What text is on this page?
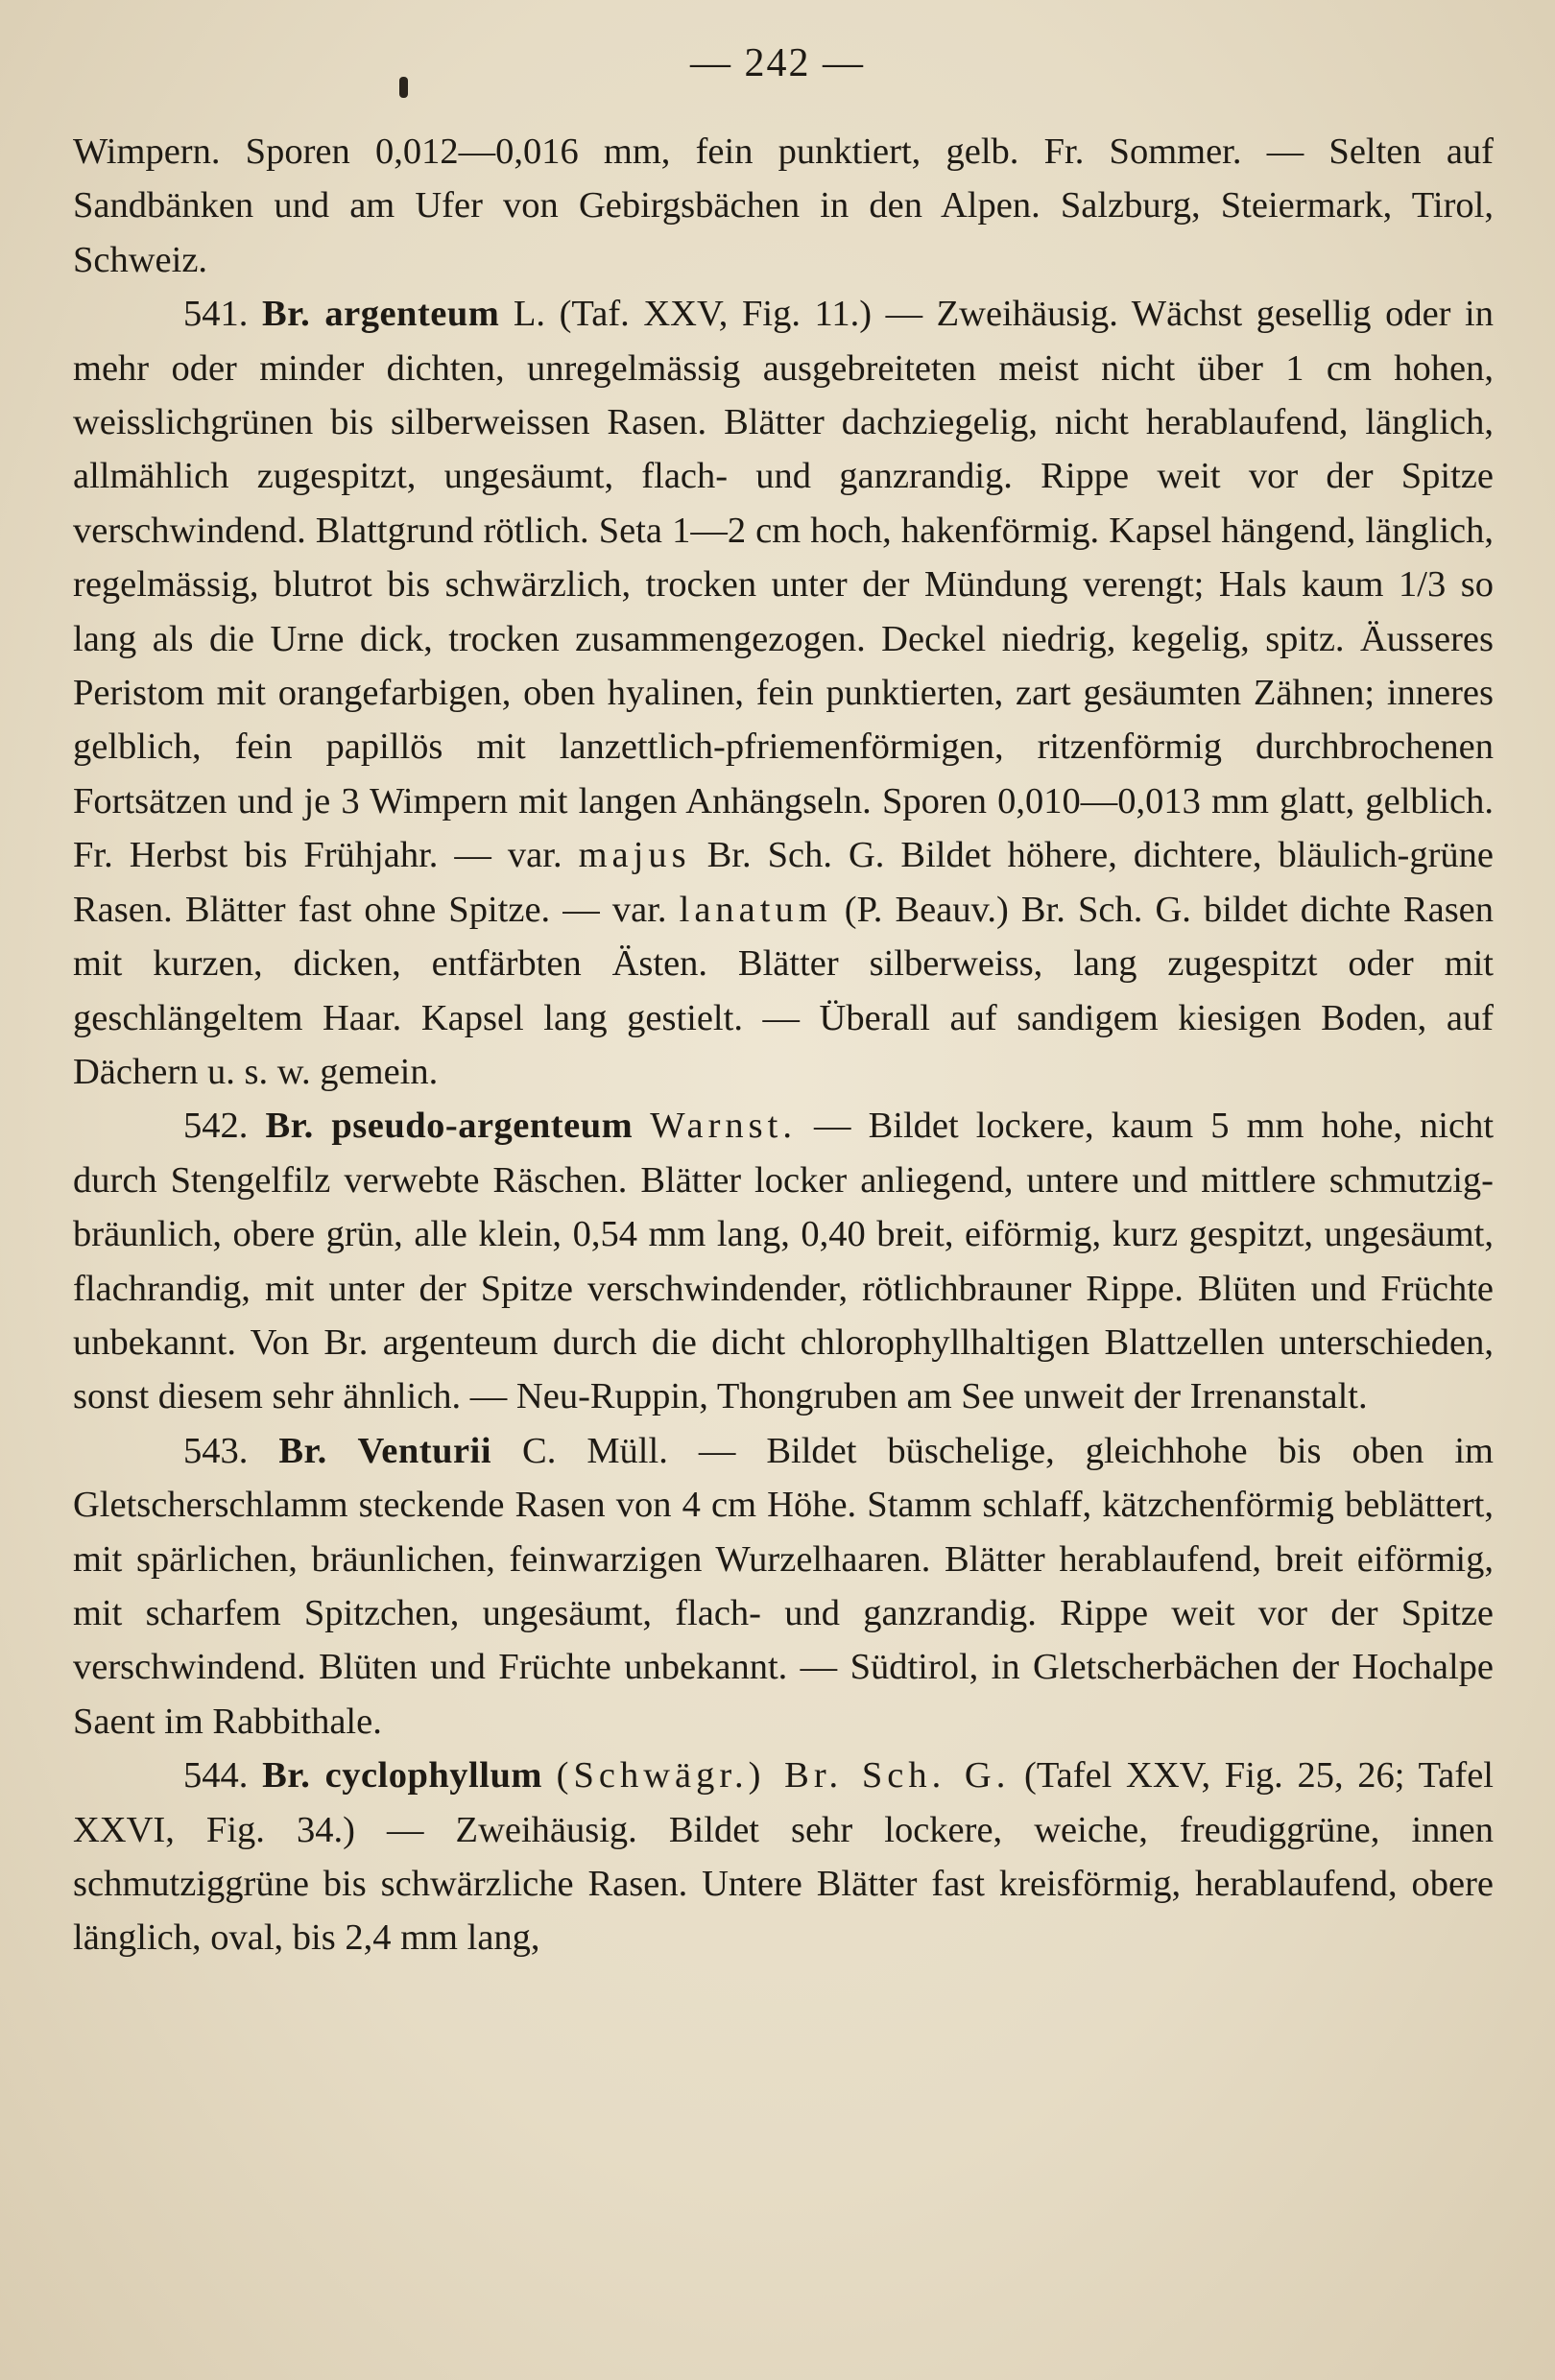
— 242 —

Wimpern. Sporen 0,012—0,016 mm, fein punktiert, gelb. Fr. Sommer. — Selten auf Sandbänken und am Ufer von Gebirgsbächen in den Alpen. Salzburg, Steiermark, Tirol, Schweiz.

541. Br. argenteum L. (Taf. XXV, Fig. 11.) — Zweihäusig. Wächst gesellig oder in mehr oder minder dichten, unregelmässig ausgebreiteten meist nicht über 1 cm hohen, weisslichgrünen bis silberweissen Rasen. Blätter dachziegelig, nicht herablaufend, länglich, allmählich zugespitzt, ungesäumt, flach- und ganzrandig. Rippe weit vor der Spitze verschwindend. Blattgrund rötlich. Seta 1—2 cm hoch, hakenförmig. Kapsel hängend, länglich, regelmässig, blutrot bis schwärzlich, trocken unter der Mündung verengt; Hals kaum 1/3 so lang als die Urne dick, trocken zusammengezogen. Deckel niedrig, kegelig, spitz. Äusseres Peristom mit orangefarbigen, oben hyalinen, fein punktierten, zart gesäumten Zähnen; inneres gelblich, fein papillös mit lanzettlich-pfriemenförmigen, ritzenförmig durchbrochenen Fortsätzen und je 3 Wimpern mit langen Anhängseln. Sporen 0,010—0,013 mm glatt, gelblich. Fr. Herbst bis Frühjahr. — var. majus Br. Sch. G. Bildet höhere, dichtere, bläulich-grüne Rasen. Blätter fast ohne Spitze. — var. lanatum (P. Beauv.) Br. Sch. G. bildet dichte Rasen mit kurzen, dicken, entfärbten Ästen. Blätter silberweiss, lang zugespitzt oder mit geschlängeltem Haar. Kapsel lang gestielt. — Überall auf sandigem kiesigen Boden, auf Dächern u. s. w. gemein.

542. Br. pseudo-argenteum Warnst. — Bildet lockere, kaum 5 mm hohe, nicht durch Stengelfilz verwebte Räschen. Blätter locker anliegend, untere und mittlere schmutzig-bräunlich, obere grün, alle klein, 0,54 mm lang, 0,40 breit, eiförmig, kurz gespitzt, ungesäumt, flachrandig, mit unter der Spitze verschwindender, rötlichbrauner Rippe. Blüten und Früchte unbekannt. Von Br. argenteum durch die dicht chlorophyllhaltigen Blattzellen unterschieden, sonst diesem sehr ähnlich. — Neu-Ruppin, Thongruben am See unweit der Irrenanstalt.

543. Br. Venturii C. Müll. — Bildet büschelige, gleichhohe bis oben im Gletscherschlamm steckende Rasen von 4 cm Höhe. Stamm schlaff, kätzchenförmig beblättert, mit spärlichen, bräunlichen, feinwarzigen Wurzelhaaren. Blätter herablaufend, breit eiförmig, mit scharfem Spitzchen, ungesäumt, flach- und ganzrandig. Rippe weit vor der Spitze verschwindend. Blüten und Früchte unbekannt. — Südtirol, in Gletscherbächen der Hochalpe Saent im Rabbithale.

544. Br. cyclophyllum (Schwägr.) Br. Sch. G. (Tafel XXV, Fig. 25, 26; Tafel XXVI, Fig. 34.) — Zweihäusig. Bildet sehr lockere, weiche, freudiggrüne, innen schmutziggrüne bis schwärzliche Rasen. Untere Blätter fast kreisförmig, herablaufend, obere länglich, oval, bis 2,4 mm lang,
